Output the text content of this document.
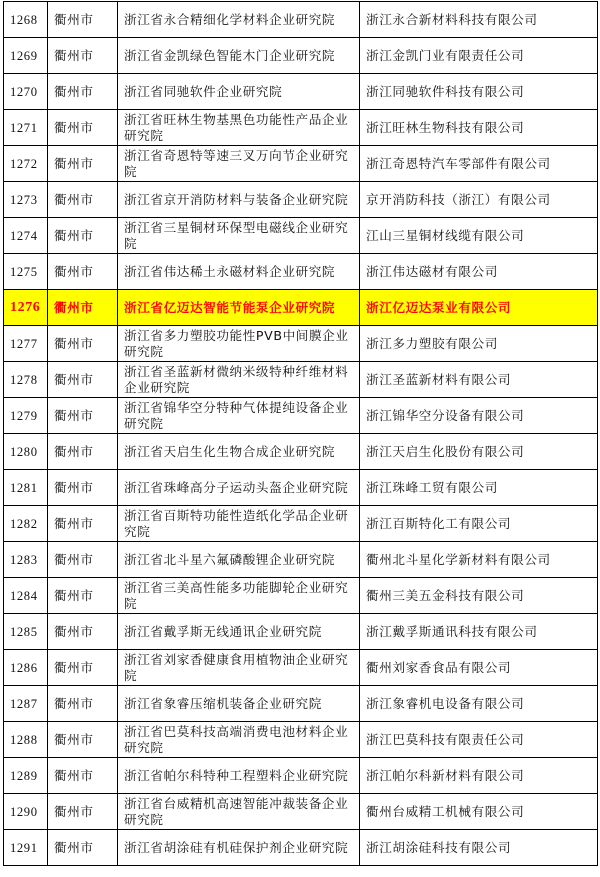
1268	衢州市	浙江省永合精细化学材料企业研究院	浙江永合新材料科技有限公司
1269	衢州市	浙江省金凯绿色智能木门企业研究院	浙江金凯门业有限责任公司
1270	衢州市	浙江省同驰软件企业研究院	浙江同驰软件科技有限公司
1271	衢州市	浙江省旺林生物基黑色功能性产品企业研究院	浙江旺林生物科技有限公司
1272	衢州市	浙江省奇恩特等速三叉万向节企业研究院	浙江奇恩特汽车零部件有限公司
1273	衢州市	浙江省京开消防材料与装备企业研究院	京开消防科技（浙江）有限公司
1274	衢州市	浙江省三星铜材环保型电磁线企业研究院	江山三星铜材线缆有限公司
1275	衢州市	浙江省伟达稀土永磁材料企业研究院	浙江伟达磁材有限公司
1276	衢州市	浙江省亿迈达智能节能泵企业研究院	浙江亿迈达泵业有限公司
1277	衢州市	浙江省多力塑胶功能性PVB中间膜企业研究院	浙江多力塑胶有限公司
1278	衢州市	浙江省圣蓝新材微纳米级特种纤维材料企业研究院	浙江圣蓝新材料有限公司
1279	衢州市	浙江省锦华空分特种气体提纯设备企业研究院	浙江锦华空分设备有限公司
1280	衢州市	浙江省天启生化生物合成企业研究院	浙江天启生化股份有限公司
1281	衢州市	浙江省珠峰高分子运动头盔企业研究院	浙江珠峰工贸有限公司
1282	衢州市	浙江省百斯特功能性造纸化学品企业研究院	浙江百斯特化工有限公司
1283	衢州市	浙江省北斗星六氟磷酸锂企业研究院	衢州北斗星化学新材料有限公司
1284	衢州市	浙江省三美高性能多功能脚轮企业研究院	衢州三美五金科技有限公司
1285	衢州市	浙江省戴孚斯无线通讯企业研究院	浙江戴孚斯通讯科技有限公司
1286	衢州市	浙江省刘家香健康食用植物油企业研究院	衢州刘家香食品有限公司
1287	衢州市	浙江省象睿压缩机装备企业研究院	浙江象睿机电设备有限公司
1288	衢州市	浙江省巴莫科技高端消费电池材料企业研究院	浙江巴莫科技有限责任公司
1289	衢州市	浙江省帕尔科特种工程塑料企业研究院	浙江帕尔科新材料有限公司
1290	衢州市	浙江省台威精机高速智能冲裁装备企业研究院	衢州台威精工机械有限公司
1291	衢州市	浙江省胡涂硅有机硅保护剂企业研究院	浙江胡涂硅科技有限公司
